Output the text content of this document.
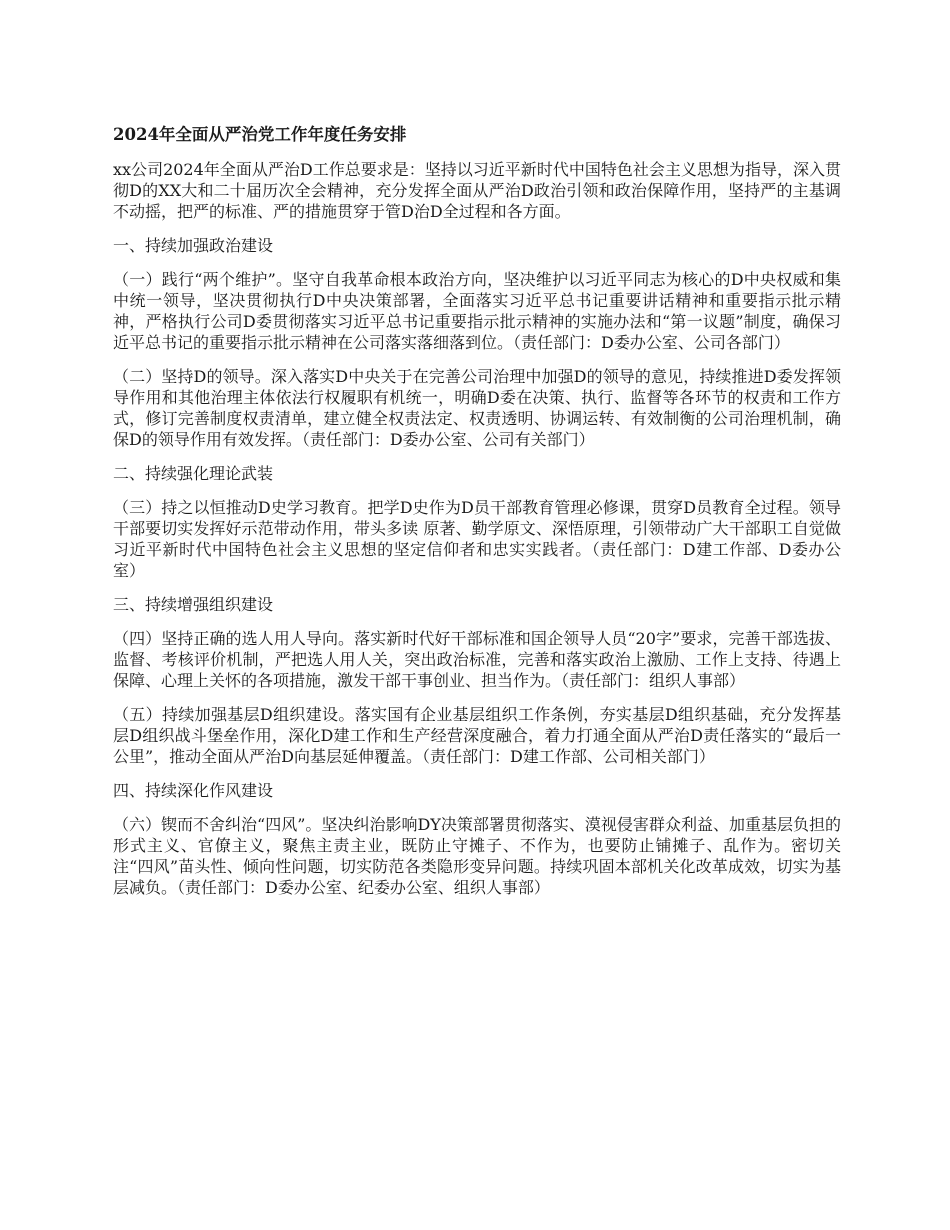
2024年全面从严治党工作年度任务安排
xx公司2024年全面从严治D工作总要求是：坚持以习近平新时代中国特色社会主义思想为指导，深入贯彻D的XX大和二十届历次全会精神，充分发挥全面从严治D政治引领和政治保障作用，坚持严的主基调不动摇，把严的标准、严的措施贯穿于管D治D全过程和各方面。
一、持续加强政治建设
（一）践行“两个维护”。坚守自我革命根本政治方向，坚决维护以习近平同志为核心的D中央权威和集中统一领导，坚决贯彻执行D中央决策部署，全面落实习近平总书记重要讲话精神和重要指示批示精神，严格执行公司D委贯彻落实习近平总书记重要指示批示精神的实施办法和“第一议题”制度，确保习近平总书记的重要指示批示精神在公司落实落细落到位。（责任部门：D委办公室、公司各部门）
（二）坚持D的领导。深入落实D中央关于在完善公司治理中加强D的领导的意见，持续推进D委发挥领导作用和其他治理主体依法行权履职有机统一，明确D委在决策、执行、监督等各环节的权责和工作方式，修订完善制度权责清单，建立健全权责法定、权责透明、协调运转、有效制衡的公司治理机制，确保D的领导作用有效发挥。（责任部门：D委办公室、公司有关部门）
二、持续强化理论武装
（三）持之以恒推动D史学习教育。把学D史作为D员干部教育管理必修课，贯穿D员教育全过程。领导干部要切实发挥好示范带动作用，带头多读 原著、勤学原文、深悟原理，引领带动广大干部职工自觉做习近平新时代中国特色社会主义思想的坚定信仰者和忠实实践者。（责任部门：D建工作部、D委办公室）
三、持续增强组织建设
（四）坚持正确的选人用人导向。落实新时代好干部标准和国企领导人员“20字”要求，完善干部选拔、监督、考核评价机制，严把选人用人关，突出政治标准，完善和落实政治上激励、工作上支持、待遇上保障、心理上关怀的各项措施，激发干部干事创业、担当作为。（责任部门：组织人事部）
（五）持续加强基层D组织建设。落实国有企业基层组织工作条例，夯实基层D组织基础，充分发挥基层D组织战斗堡垒作用，深化D建工作和生产经营深度融合，着力打通全面从严治D责任落实的“最后一公里”，推动全面从严治D向基层延伸覆盖。（责任部门：D建工作部、公司相关部门）
四、持续深化作风建设
（六）锲而不舍纠治“四风”。坚决纠治影响DY决策部署贯彻落实、漠视侵害群众利益、加重基层负担的形式主义、官僚主义，聚焦主责主业，既防止守摊子、不作为，也要防止铺摊子、乱作为。密切关注“四风”苗头性、倾向性问题，切实防范各类隐形变异问题。持续巩固本部机关化改革成效，切实为基层减负。（责任部门：D委办公室、纪委办公室、组织人事部）
